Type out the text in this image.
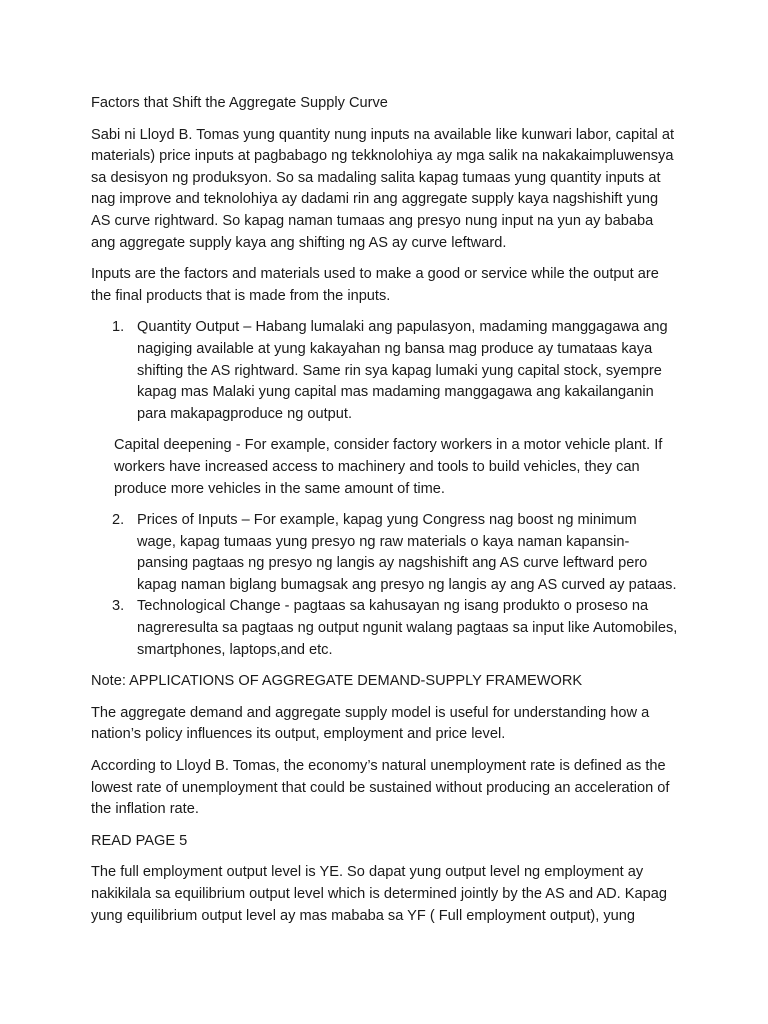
Factors that Shift the Aggregate Supply Curve

Sabi ni Lloyd B. Tomas yung quantity nung inputs na available like kunwari labor, capital at materials) price inputs at pagbabago ng tekknolohiya ay mga salik na nakakaimpluwensya sa desisyon ng produksyon. So sa madaling salita kapag tumaas yung quantity inputs at nag improve and teknolohiya ay dadami rin ang aggregate supply kaya nagshishift yung AS curve rightward. So kapag naman tumaas ang presyo nung input na yun ay bababa ang aggregate supply kaya ang shifting ng AS ay curve leftward.

Inputs are the factors and materials used to make a good or service while the output are the final products that is made from the inputs.

1. Quantity Output – Habang lumalaki ang papulasyon, madaming manggagawa ang nagiging available at yung kakayahan ng bansa mag produce ay tumataas kaya shifting the AS rightward. Same rin sya kapag lumaki yung capital stock, syempre kapag mas Malaki yung capital mas madaming manggagawa ang kakailanganin para makapagproduce ng output.

Capital deepening - For example, consider factory workers in a motor vehicle plant. If workers have increased access to machinery and tools to build vehicles, they can produce more vehicles in the same amount of time.

2. Prices of Inputs – For example, kapag yung Congress nag boost ng minimum wage, kapag tumaas yung presyo ng raw materials o kaya naman kapansin-pansing pagtaas ng presyo ng langis ay nagshishift ang AS curve leftward pero kapag naman biglang bumagsak ang presyo ng langis ay ang AS curved ay pataas.
3. Technological Change - pagtaas sa kahusayan ng isang produkto o proseso na nagreresulta sa pagtaas ng output ngunit walang pagtaas sa input like Automobiles, smartphones, laptops,and etc.

Note: APPLICATIONS OF AGGREGATE DEMAND-SUPPLY FRAMEWORK

The aggregate demand and aggregate supply model is useful for understanding how a nation’s policy influences its output, employment and price level.

According to Lloyd B. Tomas, the economy’s natural unemployment rate is defined as the lowest rate of unemployment that could be sustained without producing an acceleration of the inflation rate.

READ PAGE 5

The full employment output level is YE. So dapat yung output level ng employment ay nakikilala sa equilibrium output level which is determined jointly by the AS and AD. Kapag yung equilibrium output level ay mas mababa sa YF ( Full employment output), yung
